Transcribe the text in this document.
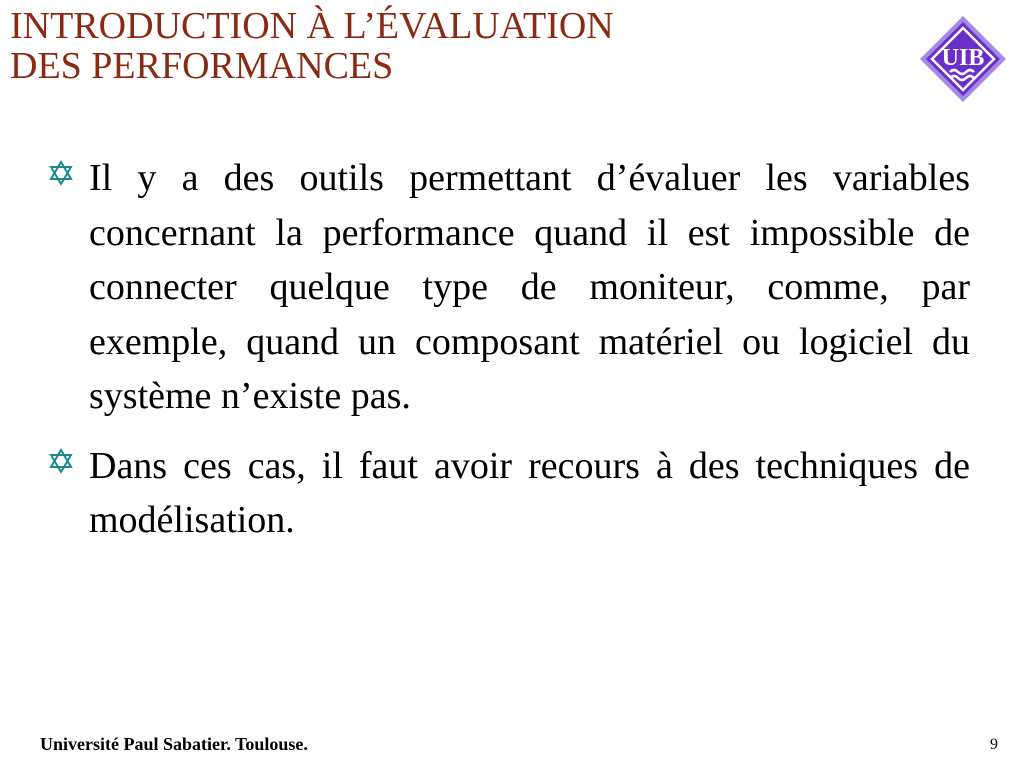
INTRODUCTION À L’ÉVALUATION
DES PERFORMANCES	UIB
Il y a des outils permettant d’évaluer les variables concernant la performance quand il est impossible de connecter quelque type de moniteur, comme, par exemple, quand un composant matériel ou logiciel du système n’existe pas.
Dans ces cas, il faut avoir recours à des techniques de modélisation.
Université Paul Sabatier. Toulouse.	9
